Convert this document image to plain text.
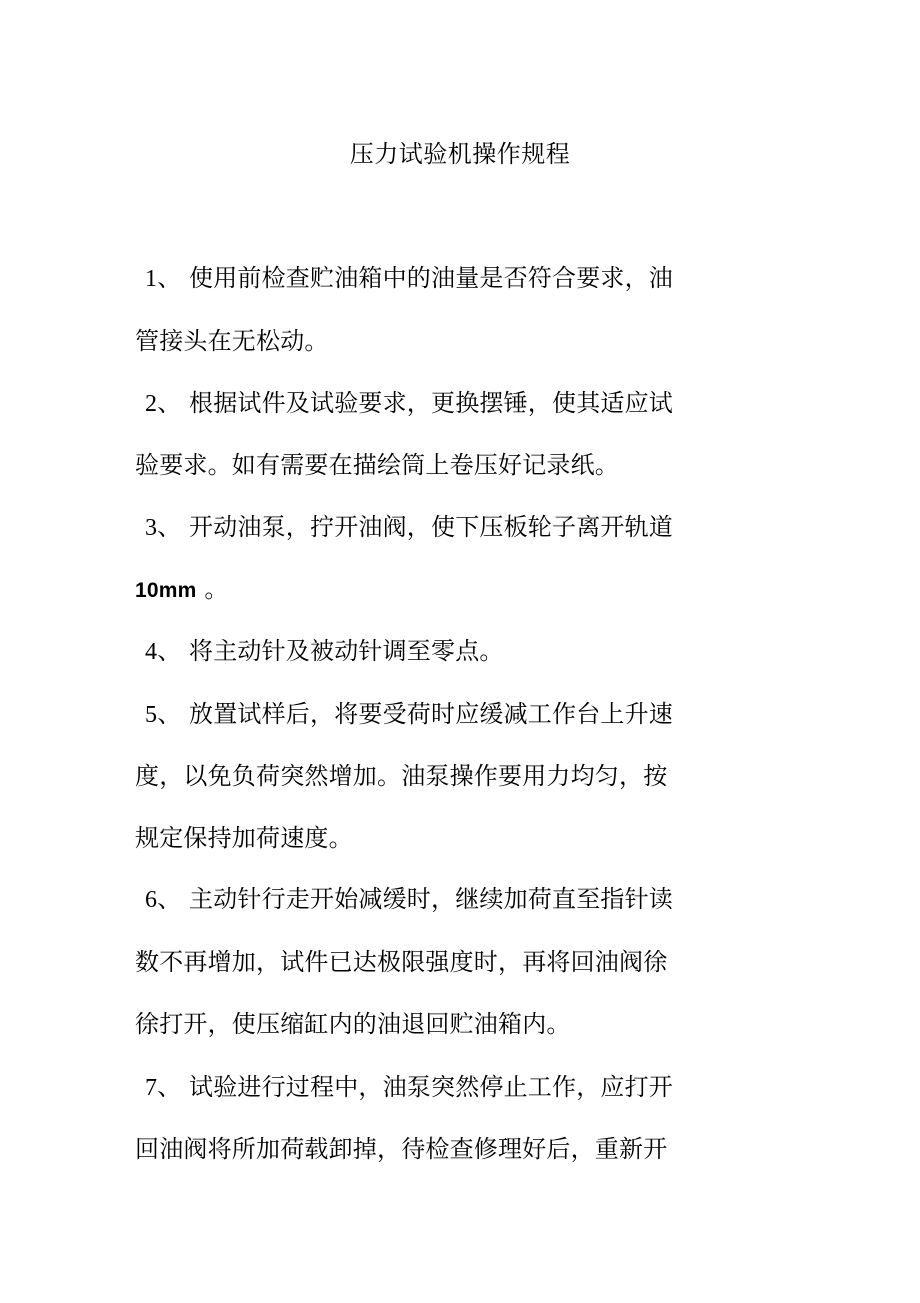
压力试验机操作规程
1、 使用前检查贮油箱中的油量是否符合要求，油
管接头在无松动。
2、 根据试件及试验要求，更换摆锤，使其适应试
验要求。如有需要在描绘筒上卷压好记录纸。
3、 开动油泵，拧开油阀，使下压板轮子离开轨道
10mm 。
4、 将主动针及被动针调至零点。
5、 放置试样后，将要受荷时应缓减工作台上升速
度，以免负荷突然增加。油泵操作要用力均匀，按
规定保持加荷速度。
6、 主动针行走开始减缓时，继续加荷直至指针读
数不再增加，试件已达极限强度时，再将回油阀徐
徐打开，使压缩缸内的油退回贮油箱内。
7、 试验进行过程中，油泵突然停止工作，应打开
回油阀将所加荷载卸掉，待检查修理好后，重新开
